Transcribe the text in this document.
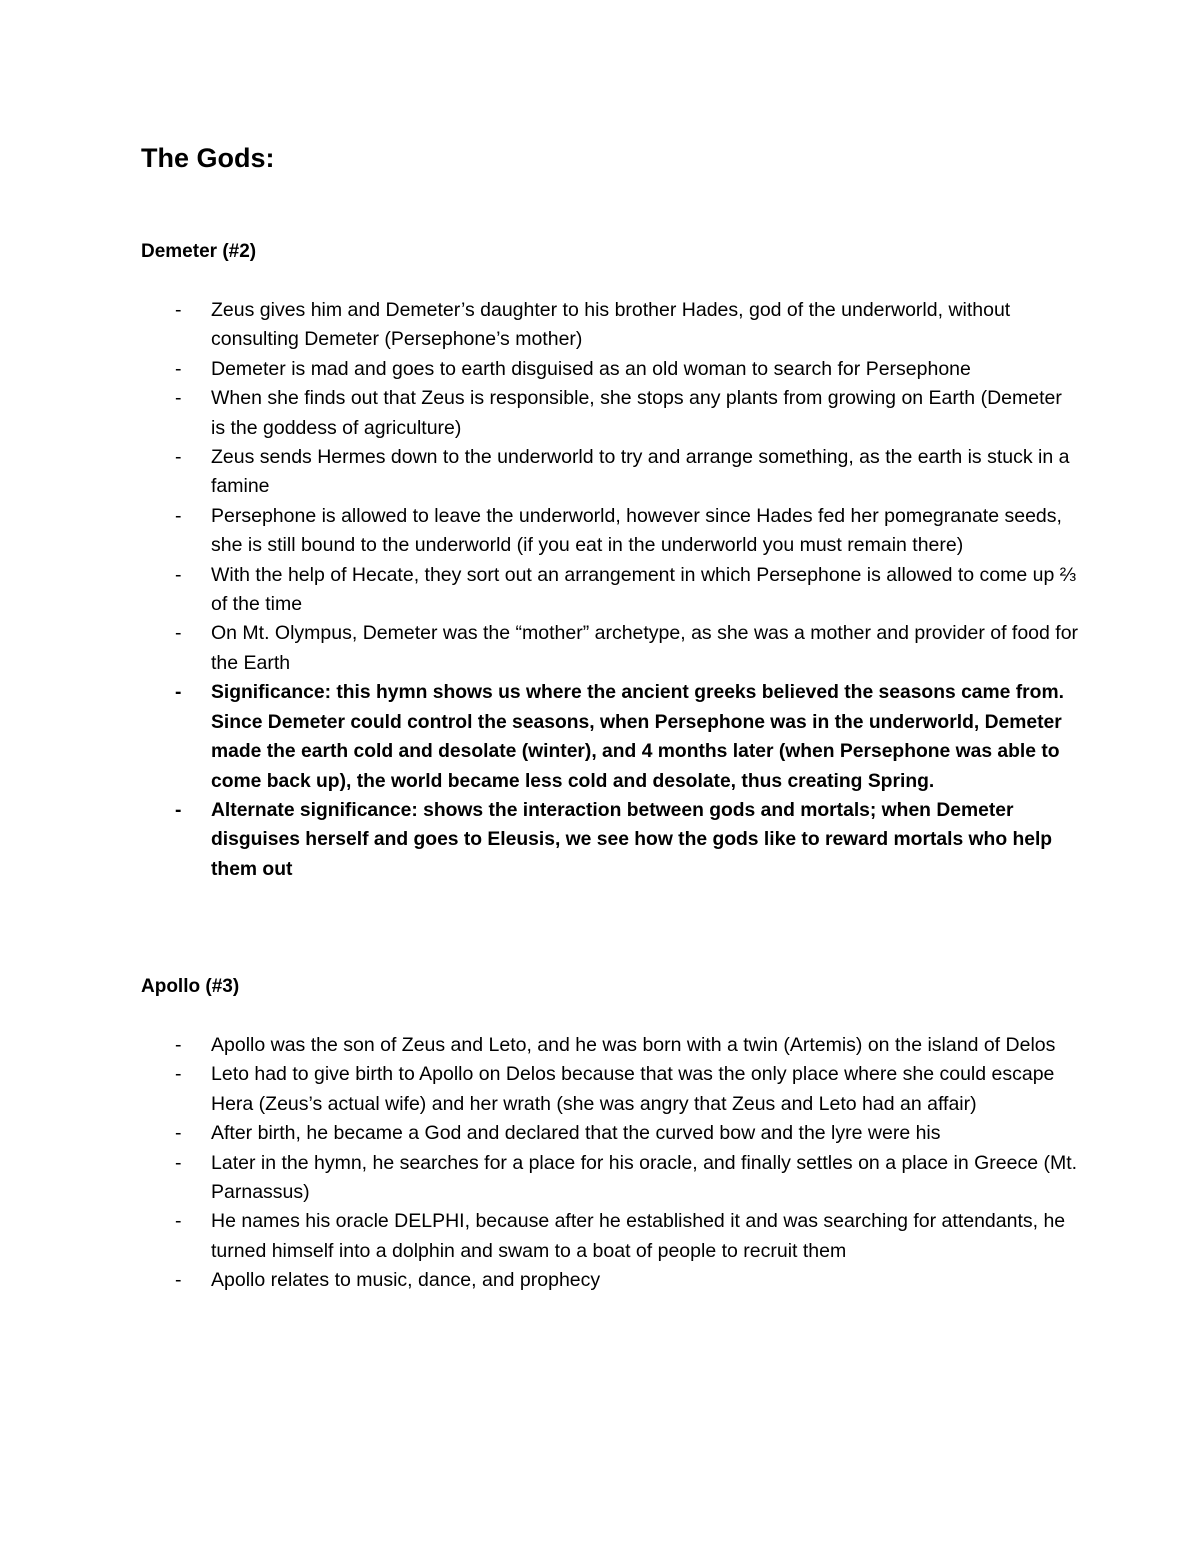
The Gods:
Demeter (#2)
- Zeus gives him and Demeter’s daughter to his brother Hades, god of the underworld, without consulting Demeter (Persephone’s mother)
- Demeter is mad and goes to earth disguised as an old woman to search for Persephone
- When she finds out that Zeus is responsible, she stops any plants from growing on Earth (Demeter is the goddess of agriculture)
- Zeus sends Hermes down to the underworld to try and arrange something, as the earth is stuck in a famine
- Persephone is allowed to leave the underworld, however since Hades fed her pomegranate seeds, she is still bound to the underworld (if you eat in the underworld you must remain there)
- With the help of Hecate, they sort out an arrangement in which Persephone is allowed to come up ⅔ of the time
- On Mt. Olympus, Demeter was the “mother” archetype, as she was a mother and provider of food for the Earth
- Significance: this hymn shows us where the ancient greeks believed the seasons came from. Since Demeter could control the seasons, when Persephone was in the underworld, Demeter made the earth cold and desolate (winter), and 4 months later (when Persephone was able to come back up), the world became less cold and desolate, thus creating Spring.
- Alternate significance: shows the interaction between gods and mortals; when Demeter disguises herself and goes to Eleusis, we see how the gods like to reward mortals who help them out
Apollo (#3)
- Apollo was the son of Zeus and Leto, and he was born with a twin (Artemis) on the island of Delos
- Leto had to give birth to Apollo on Delos because that was the only place where she could escape Hera (Zeus’s actual wife) and her wrath (she was angry that Zeus and Leto had an affair)
- After birth, he became a God and declared that the curved bow and the lyre were his
- Later in the hymn, he searches for a place for his oracle, and finally settles on a place in Greece (Mt. Parnassus)
- He names his oracle DELPHI, because after he established it and was searching for attendants, he turned himself into a dolphin and swam to a boat of people to recruit them
- Apollo relates to music, dance, and prophecy
